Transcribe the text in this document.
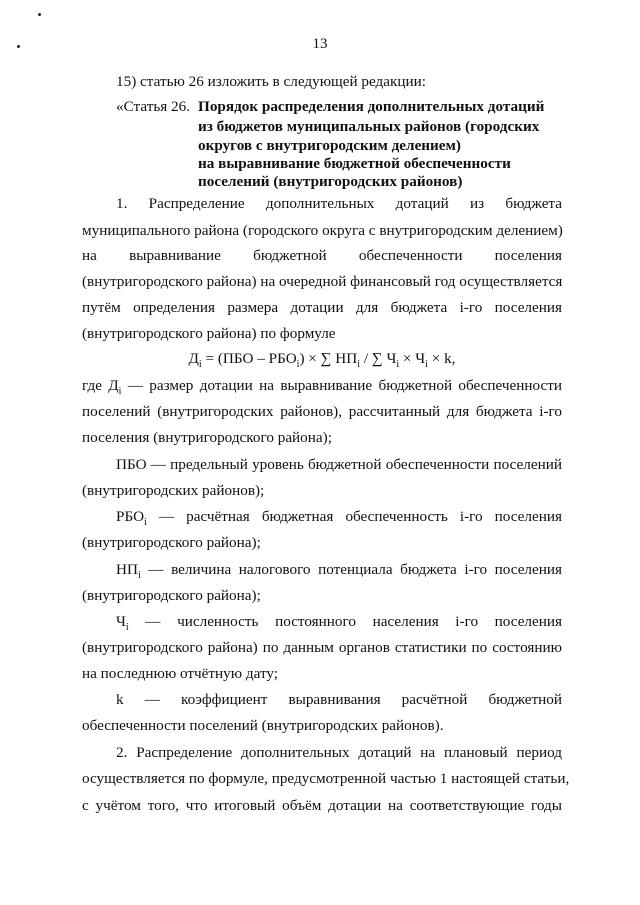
13
15) статью 26 изложить в следующей редакции:
«Статья 26. Порядок распределения дополнительных дотаций
из бюджетов муниципальных районов (городских
округов с внутригородским делением)
на выравнивание бюджетной обеспеченности
поселений (внутригородских районов)
1. Распределение дополнительных дотаций из бюджета
муниципального района (городского округа с внутригородским делением)
на выравнивание бюджетной обеспеченности поселения
(внутригородского района) на очередной финансовый год осуществляется
путём определения размера дотации для бюджета i-го поселения
(внутригородского района) по формуле
$Д_i = (ПБО - РБО_i)$ × ∑ $НП_i$ / ∑ $Ч_i \times Ч_i \times k$,
где $Д_i$ — размер дотации на выравнивание бюджетной обеспеченности
поселений (внутригородских районов), рассчитанный для бюджета i-го
поселения (внутригородского района);
ПБО — предельный уровень бюджетной обеспеченности поселений
(внутригородских районов);
$РБО_i$ — расчётная бюджетная обеспеченность i-го поселения
(внутригородского района);
$НП_i$ — величина налогового потенциала бюджета i-го поселения
(внутригородского района);
$Ч_i$ — численность постоянного населения i-го поселения
(внутригородского района) по данным органов статистики по состоянию
на последнюю отчётную дату;
k — коэффициент выравнивания расчётной бюджетной
обеспеченности поселений (внутригородских районов).
2. Распределение дополнительных дотаций на плановый период
осуществляется по формуле, предусмотренной частью 1 настоящей статьи,
с учётом того, что итоговый объём дотации на соответствующие годы
